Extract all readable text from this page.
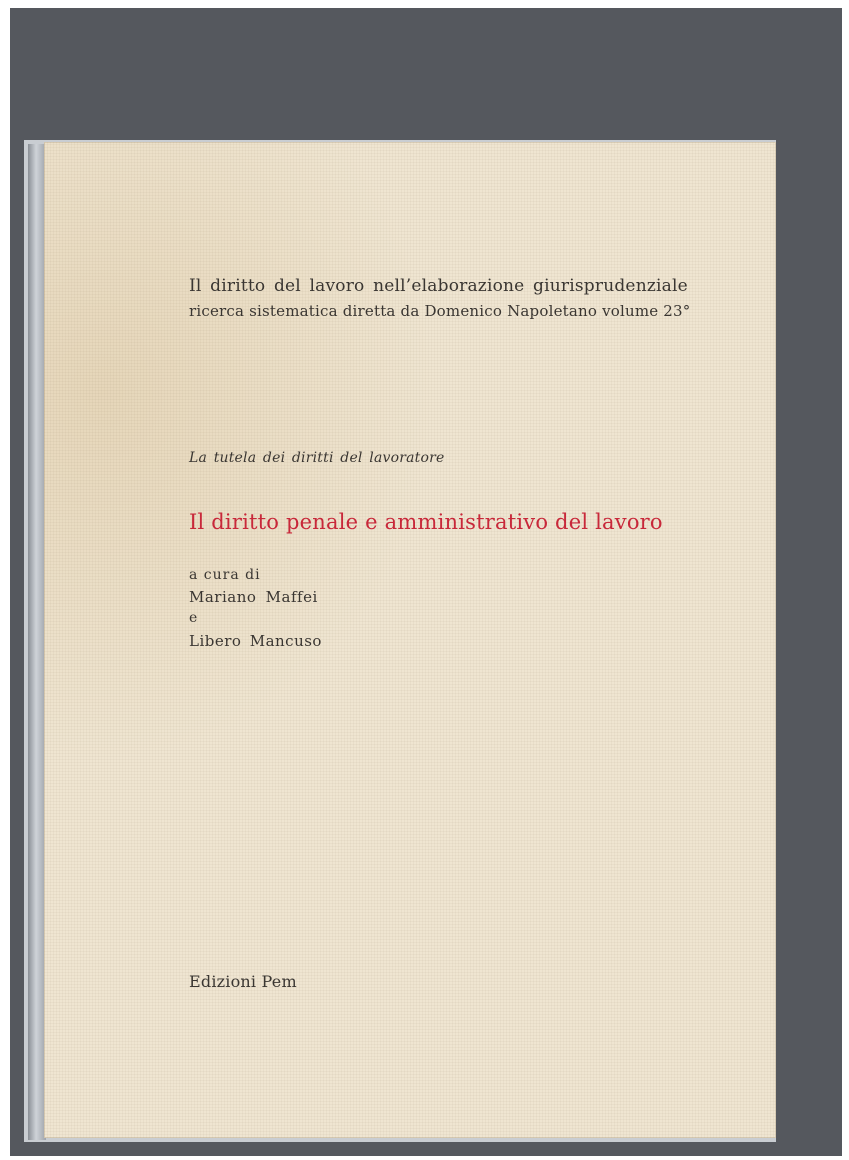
Il diritto del lavoro nell’elaborazione giurisprudenziale
ricerca sistematica diretta da Domenico Napoletano volume 23°
La tutela dei diritti del lavoratore
Il diritto penale e amministrativo del lavoro
a cura di
Mariano Maffei
e
Libero Mancuso
Edizioni Pem
